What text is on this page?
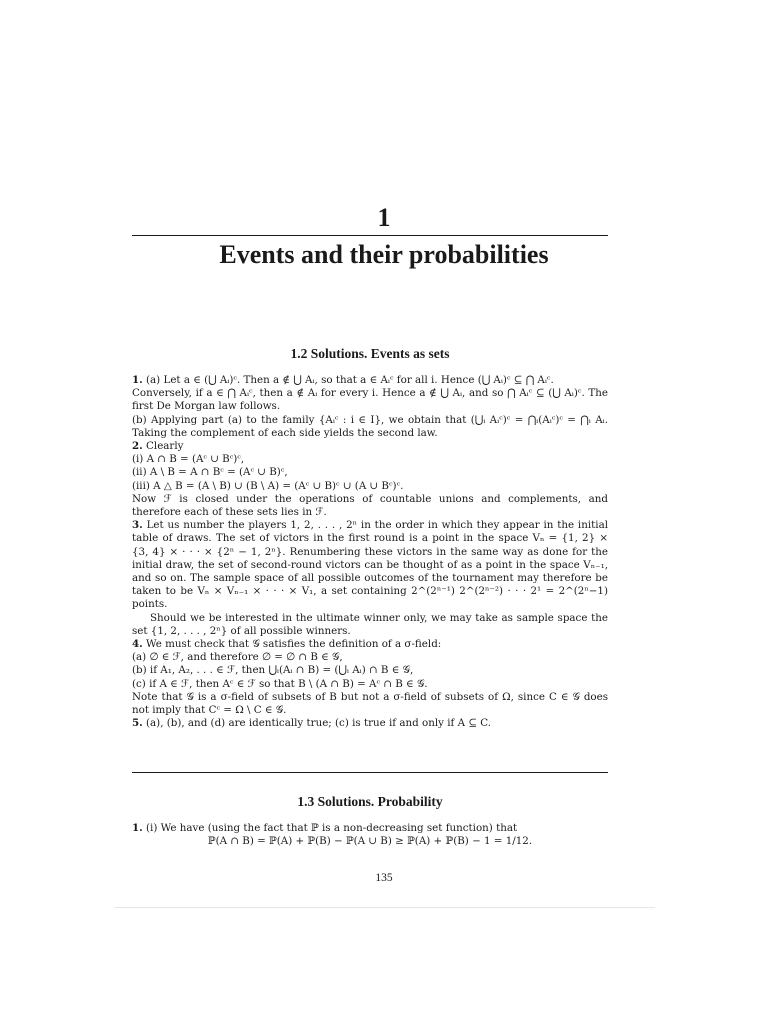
1
Events and their probabilities
1.2 Solutions. Events as sets

1. (a) Let a ∈ (⋃ Aᵢ)ᶜ. Then a ∉ ⋃ Aᵢ, so that a ∈ Aᵢᶜ for all i. Hence (⋃ Aᵢ)ᶜ ⊆ ⋂ Aᵢᶜ.

Conversely, if a ∈ ⋂ Aᵢᶜ, then a ∉ Aᵢ for every i. Hence a ∉ ⋃ Aᵢ, and so ⋂ Aᵢᶜ ⊆ (⋃ Aᵢ)ᶜ. The first De Morgan law follows.

(b) Applying part (a) to the family {Aᵢᶜ : i ∈ I}, we obtain that (⋃ᵢ Aᵢᶜ)ᶜ = ⋂ᵢ(Aᵢᶜ)ᶜ = ⋂ᵢ Aᵢ. Taking the complement of each side yields the second law.

2. Clearly

(i) A ∩ B = (Aᶜ ∪ Bᶜ)ᶜ,

(ii) A \ B = A ∩ Bᶜ = (Aᶜ ∪ B)ᶜ,

(iii) A △ B = (A \ B) ∪ (B \ A) = (Aᶜ ∪ B)ᶜ ∪ (A ∪ Bᶜ)ᶜ.

Now ℱ is closed under the operations of countable unions and complements, and therefore each of these sets lies in ℱ.

3. Let us number the players 1, 2, . . . , 2ⁿ in the order in which they appear in the initial table of draws. The set of victors in the first round is a point in the space Vₙ = {1, 2} × {3, 4} × · · · × {2ⁿ − 1, 2ⁿ}. Renumbering these victors in the same way as done for the initial draw, the set of second-round victors can be thought of as a point in the space Vₙ₋₁, and so on. The sample space of all possible outcomes of the tournament may therefore be taken to be Vₙ × Vₙ₋₁ × · · · × V₁, a set containing 2^(2ⁿ⁻¹) 2^(2ⁿ⁻²) · · · 2¹ = 2^(2ⁿ−1) points.

Should we be interested in the ultimate winner only, we may take as sample space the set {1, 2, . . . , 2ⁿ} of all possible winners.

4. We must check that 𝒢 satisfies the definition of a σ-field:

(a) ∅ ∈ ℱ, and therefore ∅ = ∅ ∩ B ∈ 𝒢,

(b) if A₁, A₂, . . . ∈ ℱ, then ⋃ᵢ(Aᵢ ∩ B) = (⋃ᵢ Aᵢ) ∩ B ∈ 𝒢,

(c) if A ∈ ℱ, then Aᶜ ∈ ℱ so that B \ (A ∩ B) = Aᶜ ∩ B ∈ 𝒢.

Note that 𝒢 is a σ-field of subsets of B but not a σ-field of subsets of Ω, since C ∈ 𝒢 does not imply that Cᶜ = Ω \ C ∈ 𝒢.

5. (a), (b), and (d) are identically true; (c) is true if and only if A ⊆ C.

1.3 Solutions. Probability

1. (i) We have (using the fact that ℙ is a non-decreasing set function) that

ℙ(A ∩ B) = ℙ(A) + ℙ(B) − ℙ(A ∪ B) ≥ ℙ(A) + ℙ(B) − 1 = 1/12.

135
